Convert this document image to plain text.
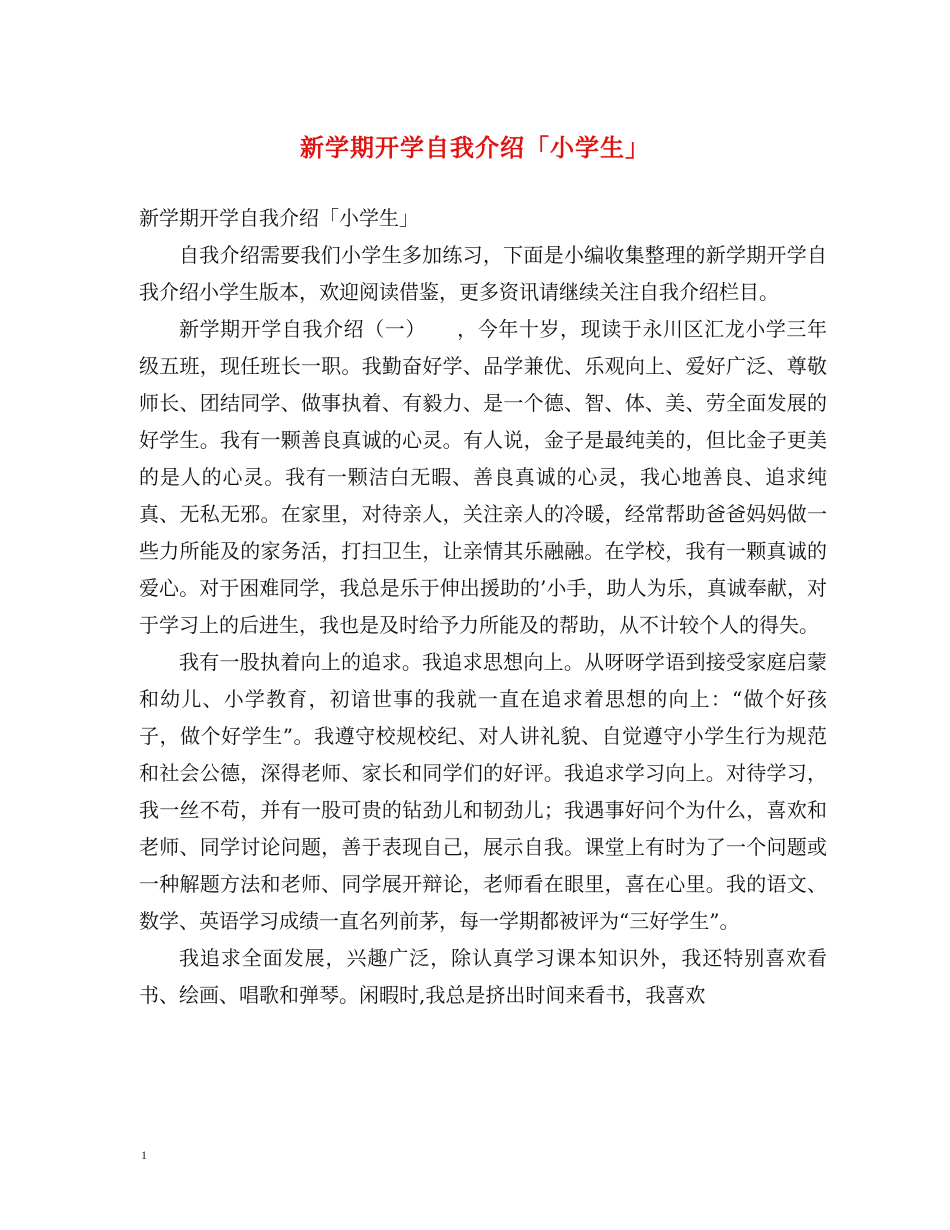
新学期开学自我介绍「小学生」

新学期开学自我介绍「小学生」

自我介绍需要我们小学生多加练习，下面是小编收集整理的新学期开学自我介绍小学生版本，欢迎阅读借鉴，更多资讯请继续关注自我介绍栏目。

新学期开学自我介绍（一）　　，今年十岁，现读于永川区汇龙小学三年级五班，现任班长一职。我勤奋好学、品学兼优、乐观向上、爱好广泛、尊敬师长、团结同学、做事执着、有毅力、是一个德、智、体、美、劳全面发展的好学生。我有一颗善良真诚的心灵。有人说，金子是最纯美的，但比金子更美的是人的心灵。我有一颗洁白无暇、善良真诚的心灵，我心地善良、追求纯真、无私无邪。在家里，对待亲人，关注亲人的冷暖，经常帮助爸爸妈妈做一些力所能及的家务活，打扫卫生，让亲情其乐融融。在学校，我有一颗真诚的爱心。对于困难同学，我总是乐于伸出援助的’小手，助人为乐，真诚奉献，对于学习上的后进生，我也是及时给予力所能及的帮助，从不计较个人的得失。

我有一股执着向上的追求。我追求思想向上。从呀呀学语到接受家庭启蒙和幼儿、小学教育，初谙世事的我就一直在追求着思想的向上：“做个好孩子，做个好学生”。我遵守校规校纪、对人讲礼貌、自觉遵守小学生行为规范和社会公德，深得老师、家长和同学们的好评。我追求学习向上。对待学习，我一丝不苟，并有一股可贵的钻劲儿和韧劲儿；我遇事好问个为什么，喜欢和老师、同学讨论问题，善于表现自己，展示自我。课堂上有时为了一个问题或一种解题方法和老师、同学展开辩论，老师看在眼里，喜在心里。我的语文、数学、英语学习成绩一直名列前茅，每一学期都被评为“三好学生”。

我追求全面发展，兴趣广泛，除认真学习课本知识外，我还特别喜欢看书、绘画、唱歌和弹琴。闲暇时,我总是挤出时间来看书，我喜欢

1
